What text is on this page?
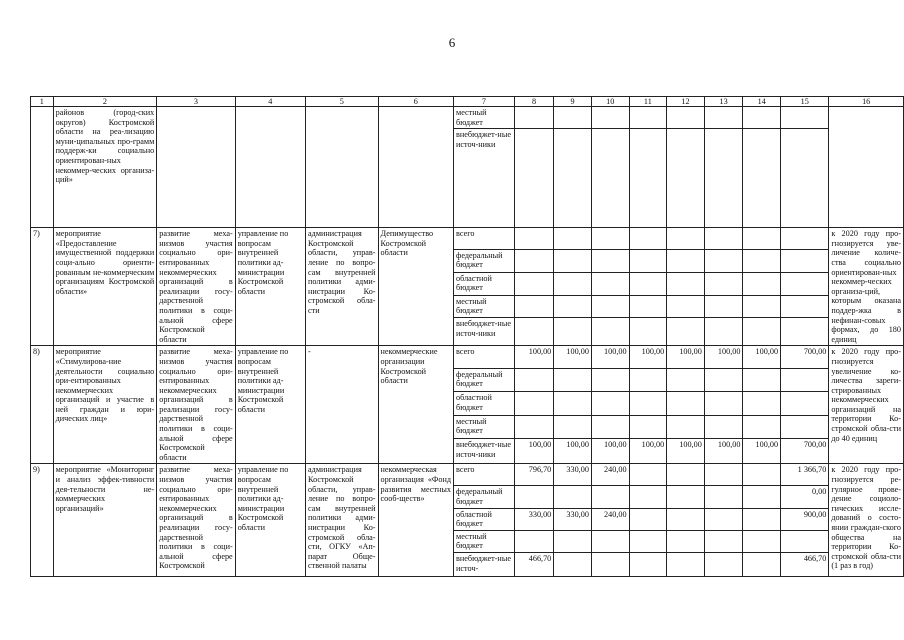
6
1	2	3	4	5	6	7	8	9	10	11	12	13	14	15	16
	районов (город-ских округов) Костромской области на реа-лизацию муни-ципальных про-грамм поддерж-ки социально ориентирован-ных некоммер-ческих организа-ций»					местный бюджет									
						внебюджет-ные источ-ники									
7)	мероприятие «Предоставление имущественной поддержки соци-ально ориенти-рованным не-коммерческим организациям Костромской области»	развитие меха-низмов участия социально ори-ентированных некоммерческих организаций в реализации госу-дарственной политики в соци-альной сфере Костромской области	управление по вопросам внутренней политики ад-министрации Костромской области	администрация Костромской области, управ-ление по вопро-сам внутренней политики адми-нистрации Ко-стромской обла-сти	Депимущество Костромской области	всего									к 2020 году про-гнозируется уве-личение количе-ства социально ориентирован-ных некоммер-ческих организа-ций, которым оказана поддер-жка в нефинан-совых формах, до 180 единиц
						федеральный бюджет									
						областной бюджет									
						местный бюджет									
						внебюджет-ные источ-ники									
8)	мероприятие «Стимулирова-ние деятельности социально ори-ентированных некоммерческих организаций и участие в ней граждан и юри-дических лиц»	развитие меха-низмов участия социально ори-ентированных некоммерческих организаций в реализации госу-дарственной политики в соци-альной сфере Костромской области	управление по вопросам внутренней политики ад-министрации Костромской области	-	некоммерческие организации Костромской области	всего	100,00	100,00	100,00	100,00	100,00	100,00	100,00	700,00	к 2020 году про-гнозируется увеличение ко-личества зареги-стрированных некоммерческих организаций на территории Ко-стромской обла-сти до 40 единиц
						федеральный бюджет									
						областной бюджет									
						местный бюджет									
						внебюджет-ные источ-ники	100,00	100,00	100,00	100,00	100,00	100,00	100,00	700,00	
9)	мероприятие «Мониторинг и анализ эффек-тивности дея-тельности не-коммерческих организаций»	развитие меха-низмов участия социально ори-ентированных некоммерческих организаций в реализации госу-дарственной политики в соци-альной сфере Костромской	управление по вопросам внутренней политики ад-министрации Костромской области	администрация Костромской области, управ-ление по вопро-сам внутренней политики адми-нистрации Ко-стромской обла-сти, ОГКУ «Ап-парат Обще-ственной палаты	некоммерческая организация «Фонд развития местных сооб-ществ»	всего	796,70	330,00	240,00					1 366,70	к 2020 году про-гнозируется ре-гулярное прове-дение социоло-гических иссле-дований о состо-янии граждан-ского общества на территории Ко-стромской обла-сти (1 раз в год)
						федеральный бюджет								0,00	
						областной бюджет	330,00	330,00	240,00					900,00	
						местный бюджет									
						внебюджет-ные источ-	466,70							466,70	
